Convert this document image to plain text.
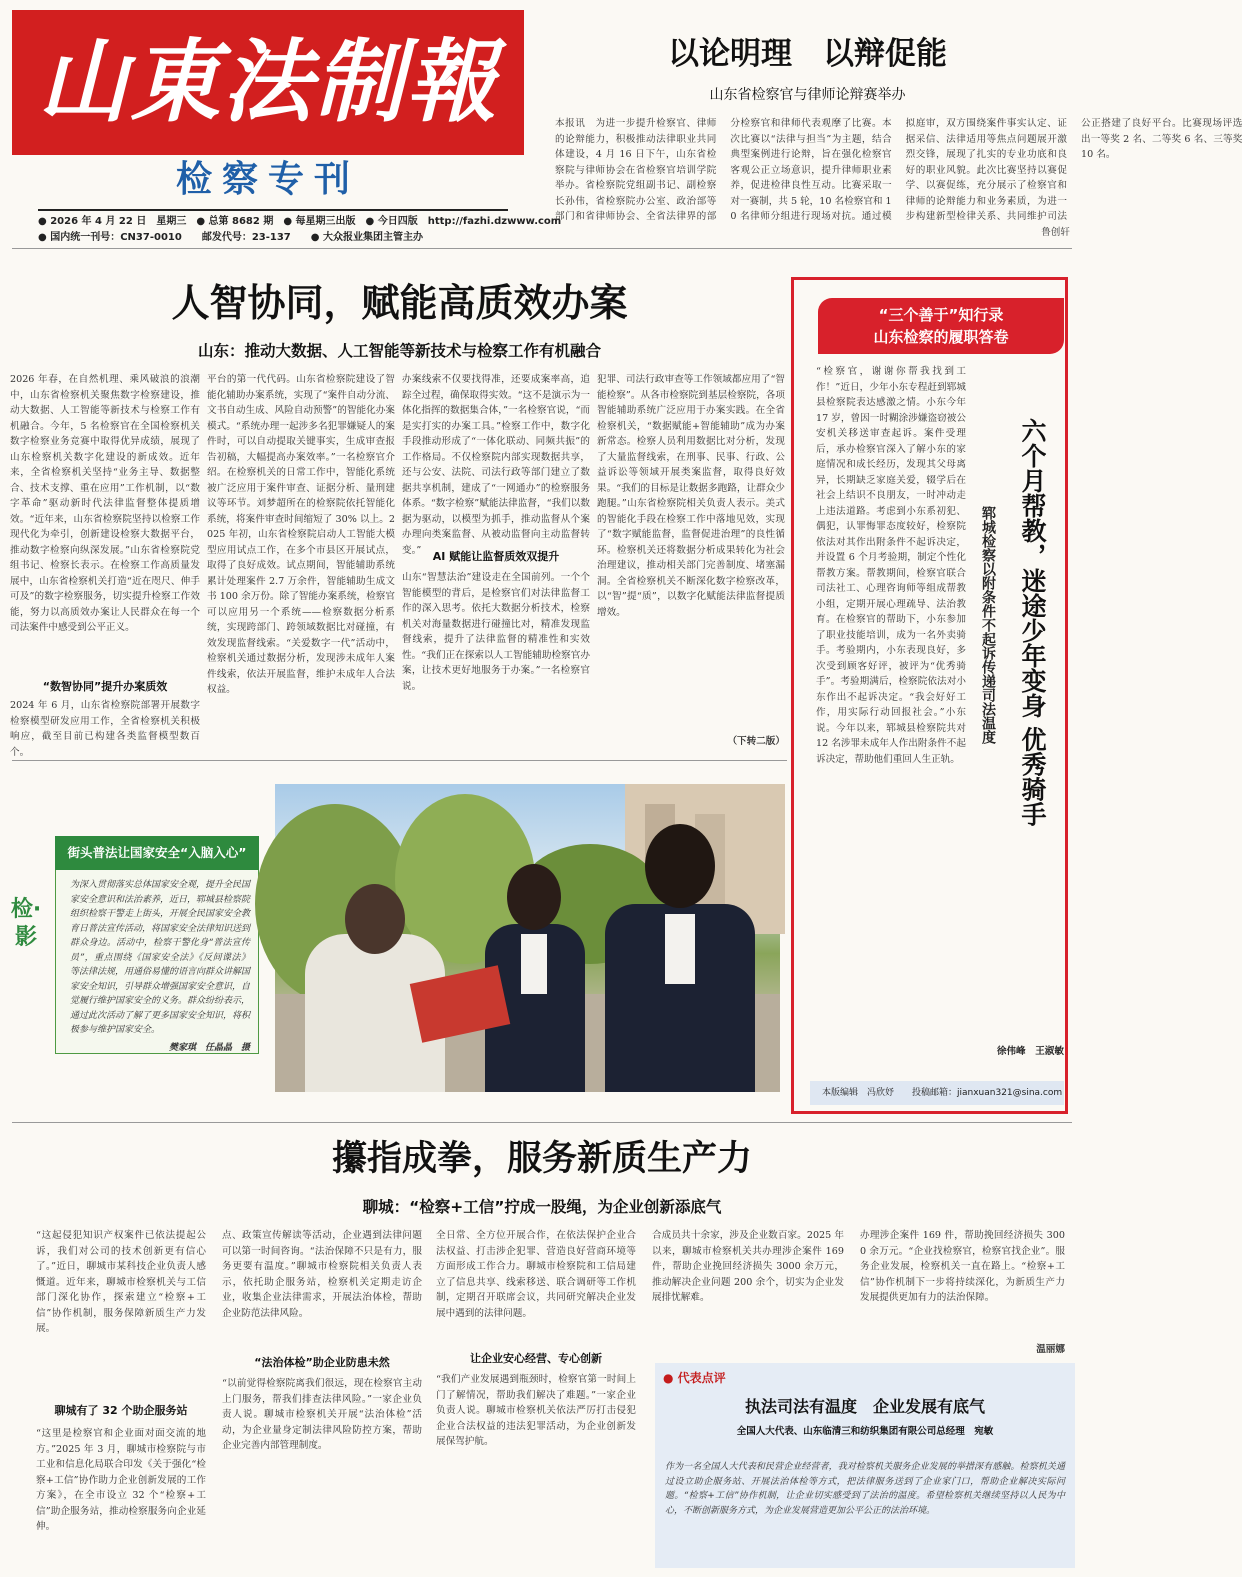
山東法制報
检察专刊
● 2026 年 4 月 22 日　星期三　● 总第 8682 期　● 每星期三出版　● 今日四版　http://fazhi.dzwww.com
● 国内统一刊号：CN37-0010　　邮发代号：23-137　　● 大众报业集团主管主办
以论明理　以辩促能
山东省检察官与律师论辩赛举办
本报讯　为进一步提升检察官、律师的论辩能力，积极推动法律职业共同体建设，4 月 16 日下午，山东省检察院与律师协会在省检察官培训学院举办。省检察院党组副书记、副检察长孙伟，省检察院办公室、政治部等部门和省律师协会、全省法律界的部分检察官和律师代表观摩了比赛。本次比赛以“法律与担当”为主题，结合典型案例进行论辩，旨在强化检察官客观公正立场意识，提升律师职业素养，促进检律良性互动。比赛采取一对一赛制，共 5 轮，10 名检察官和 10 名律师分组进行现场对抗。通过模拟庭审，双方围绕案件事实认定、证据采信、法律适用等焦点问题展开激烈交锋，展现了扎实的专业功底和良好的职业风貌。此次比赛坚持以赛促学、以赛促练，充分展示了检察官和律师的论辩能力和业务素质，为进一步构建新型检律关系、共同维护司法公正搭建了良好平台。比赛现场评选出一等奖 2 名、二等奖 6 名、三等奖 10 名。
鲁创轩
人智协同，赋能高质效办案
山东：推动大数据、人工智能等新技术与检察工作有机融合
2026 年春，在自然机理、乘风破浪的浪潮中，山东省检察机关聚焦数字检察建设，推动大数据、人工智能等新技术与检察工作有机融合。今年，5 名检察官在全国检察机关数字检察业务竞赛中取得优异成绩，展现了山东检察机关数字化建设的新成效。近年来，全省检察机关坚持“业务主导、数据整合、技术支撑、重在应用”工作机制，以“数字革命”驱动新时代法律监督整体提质增效。“近年来，山东省检察院坚持以检察工作现代化为牵引，创新建设检察大数据平台，推动数字检察向纵深发展。”山东省检察院党组书记、检察长表示。在检察工作高质量发展中，山东省检察机关打造“近在咫尺、伸手可及”的数字检察服务，切实提升检察工作效能，努力以高质效办案让人民群众在每一个司法案件中感受到公平正义。
“数智协同”提升办案质效
2024 年 6 月，山东省检察院部署开展数字检察模型研发应用工作，全省检察机关积极响应，截至目前已构建各类监督模型数百个。
平台的第一代代码。山东省检察院建设了智能化辅助办案系统，实现了“案件自动分流、文书自动生成、风险自动预警”的智能化办案模式。“系统办理一起涉多名犯罪嫌疑人的案件时，可以自动提取关键事实，生成审查报告初稿，大幅提高办案效率。”一名检察官介绍。在检察机关的日常工作中，智能化系统被广泛应用于案件审查、证据分析、量刑建议等环节。刘梦超所在的检察院依托智能化系统，将案件审查时间缩短了 30% 以上。2025 年初，山东省检察院启动人工智能大模型应用试点工作，在多个市县区开展试点，取得了良好成效。试点期间，智能辅助系统累计处理案件 2.7 万余件，智能辅助生成文书 100 余万份。除了智能办案系统，检察官可以应用另一个系统——检察数据分析系统，实现跨部门、跨领域数据比对碰撞，有效发现监督线索。“关爱数字一代”活动中，检察机关通过数据分析，发现涉未成年人案件线索，依法开展监督，维护未成年人合法权益。
办案线索不仅要找得准，还要成案率高，追踪全过程，确保取得实效。“这不是演示为一体化指挥的数据集合体，”一名检察官说，“而是实打实的办案工具。”检察工作中，数字化手段推动形成了“一体化联动、同频共振”的工作格局。不仅检察院内部实现数据共享，还与公安、法院、司法行政等部门建立了数据共享机制，建成了“一网通办”的检察服务体系。“数字检察”赋能法律监督，“我们以数据为驱动，以模型为抓手，推动监督从个案办理向类案监督、从被动监督向主动监督转变。”	AI 赋能让监督质效双提升
山东“智慧法治”建设走在全国前列。一个个智能模型的背后，是检察官们对法律监督工作的深入思考。依托大数据分析技术，检察机关对海量数据进行碰撞比对，精准发现监督线索，提升了法律监督的精准性和实效性。“我们正在探索以人工智能辅助检察官办案，让技术更好地服务于办案。”一名检察官说。
犯罪、司法行政审查等工作领域都应用了“智能检察”。从各市检察院到基层检察院，各项智能辅助系统广泛应用于办案实践。在全省检察机关，“数据赋能+智能辅助”成为办案新常态。检察人员利用数据比对分析，发现了大量监督线索，在刑事、民事、行政、公益诉讼等领域开展类案监督，取得良好效果。“我们的目标是让数据多跑路，让群众少跑腿。”山东省检察院相关负责人表示。美式的智能化手段在检察工作中落地见效，实现了“数字赋能监督，监督促进治理”的良性循环。检察机关还将数据分析成果转化为社会治理建议，推动相关部门完善制度、堵塞漏洞。全省检察机关不断深化数字检察改革，以“智”提“质”，以数字化赋能法律监督提质增效。
（下转二版）
检·影
街头普法让国家安全“入脑入心”
为深入贯彻落实总体国家安全观，提升全民国家安全意识和法治素养，近日，郓城县检察院组织检察干警走上街头，开展全民国家安全教育日普法宣传活动，将国家安全法律知识送到群众身边。活动中，检察干警化身“普法宣传员”，重点围绕《国家安全法》《反间谍法》等法律法规，用通俗易懂的语言向群众讲解国家安全知识，引导群众增强国家安全意识，自觉履行维护国家安全的义务。群众纷纷表示，通过此次活动了解了更多国家安全知识，将积极参与维护国家安全。
樊家琪　任晶晶　摄
“三个善于”知行录
山东检察的履职答卷
六个月帮教，迷途少年变身 优秀骑手
郓城检察以附条件不起诉传递司法温度
“检察官，谢谢你帮我找到工作！”近日，少年小东专程赶到郓城县检察院表达感激之情。小东今年 17 岁，曾因一时糊涂涉嫌盗窃被公安机关移送审查起诉。案件受理后，承办检察官深入了解小东的家庭情况和成长经历，发现其父母离异，长期缺乏家庭关爱，辍学后在社会上结识不良朋友，一时冲动走上违法道路。考虑到小东系初犯、偶犯，认罪悔罪态度较好，检察院依法对其作出附条件不起诉决定，并设置 6 个月考验期，制定个性化帮教方案。帮教期间，检察官联合司法社工、心理咨询师等组成帮教小组，定期开展心理疏导、法治教育。在检察官的帮助下，小东参加了职业技能培训，成为一名外卖骑手。考验期内，小东表现良好，多次受到顾客好评，被评为“优秀骑手”。考验期满后，检察院依法对小东作出不起诉决定。“我会好好工作，用实际行动回报社会。”小东说。今年以来，郓城县检察院共对 12 名涉罪未成年人作出附条件不起诉决定，帮助他们重回人生正轨。
徐伟峰　王淑敏
本版编辑　冯欣妤　　投稿邮箱：jianxuan321@sina.com
攥指成拳，服务新质生产力
聊城：“检察+工信”拧成一股绳，为企业创新添底气
“这起侵犯知识产权案件已依法提起公诉，我们对公司的技术创新更有信心了。”近日，聊城市某科技企业负责人感慨道。近年来，聊城市检察机关与工信部门深化协作，探索建立“检察+工信”协作机制，服务保障新质生产力发展。
聊城有了 32 个助企服务站
“这里是检察官和企业面对面交流的地方。”2025 年 3 月，聊城市检察院与市工业和信息化局联合印发《关于强化“检察+工信”协作助力企业创新发展的工作方案》，在全市设立 32 个“检察+工信”助企服务站，推动检察服务向企业延伸。
点、政策宣传解读等活动，企业遇到法律问题可以第一时间咨询。“法治保障不只是有力，服务更要有温度。”聊城市检察院相关负责人表示，依托助企服务站，检察机关定期走访企业，收集企业法律需求，开展法治体检，帮助企业防范法律风险。
“法治体检”助企业防患未然
“以前觉得检察院离我们很远，现在检察官主动上门服务，帮我们排查法律风险。”一家企业负责人说。聊城市检察机关开展“法治体检”活动，为企业量身定制法律风险防控方案，帮助企业完善内部管理制度。
全日常、全方位开展合作，在依法保护企业合法权益、打击涉企犯罪、营造良好营商环境等方面形成工作合力。聊城市检察院和工信局建立了信息共享、线索移送、联合调研等工作机制，定期召开联席会议，共同研究解决企业发展中遇到的法律问题。
让企业安心经营、专心创新
“我们产业发展遇到瓶颈时，检察官第一时间上门了解情况，帮助我们解决了难题。”一家企业负责人说。聊城市检察机关依法严厉打击侵犯企业合法权益的违法犯罪活动，为企业创新发展保驾护航。
合成员共十余家，涉及企业数百家。2025 年以来，聊城市检察机关共办理涉企案件 169 件，帮助企业挽回经济损失 3000 余万元，推动解决企业问题 200 余个，切实为企业发展排忧解难。
办理涉企案件 169 件，帮助挽回经济损失 3000 余万元。“企业找检察官，检察官找企业”。服务企业发展，检察机关一直在路上。“检察+工信”协作机制下一步将持续深化，为新质生产力发展提供更加有力的法治保障。
温丽娜
● 代表点评
执法司法有温度　企业发展有底气
全国人大代表、山东临清三和纺织集团有限公司总经理　宛敏
作为一名全国人大代表和民营企业经营者，我对检察机关服务企业发展的举措深有感触。检察机关通过设立助企服务站、开展法治体检等方式，把法律服务送到了企业家门口，帮助企业解决实际问题。“检察+工信”协作机制，让企业切实感受到了法治的温度。希望检察机关继续坚持以人民为中心，不断创新服务方式，为企业发展营造更加公平公正的法治环境。
